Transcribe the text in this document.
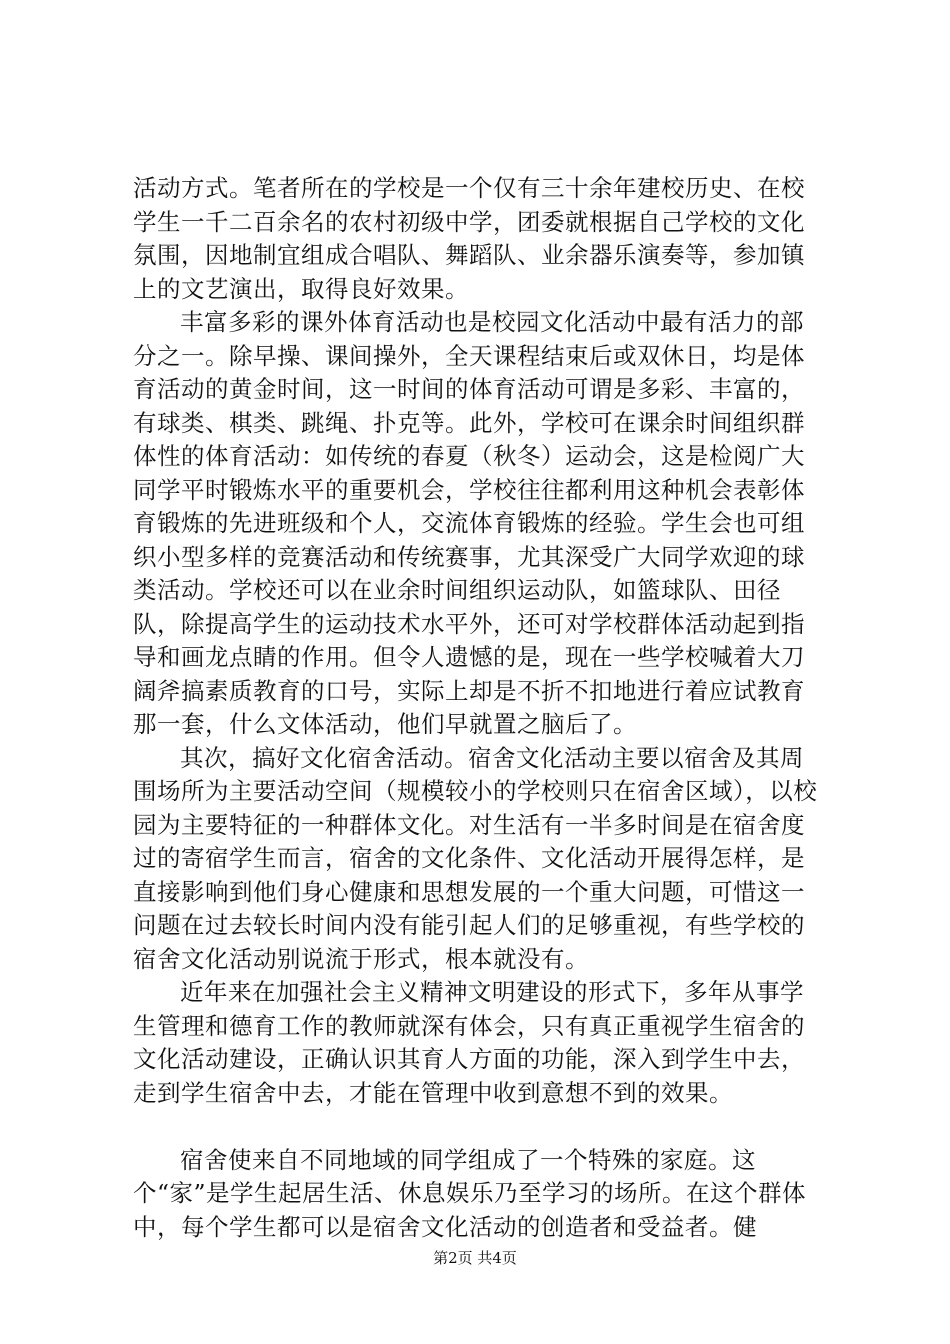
活动方式。笔者所在的学校是一个仅有三十余年建校历史、在校学生一千二百余名的农村初级中学，团委就根据自己学校的文化氛围，因地制宜组成合唱队、舞蹈队、业余器乐演奏等，参加镇上的文艺演出，取得良好效果。

丰富多彩的课外体育活动也是校园文化活动中最有活力的部分之一。除早操、课间操外，全天课程结束后或双休日，均是体育活动的黄金时间，这一时间的体育活动可谓是多彩、丰富的，有球类、棋类、跳绳、扑克等。此外，学校可在课余时间组织群体性的体育活动：如传统的春夏（秋冬）运动会，这是检阅广大同学平时锻炼水平的重要机会，学校往往都利用这种机会表彰体育锻炼的先进班级和个人，交流体育锻炼的经验。学生会也可组织小型多样的竞赛活动和传统赛事，尤其深受广大同学欢迎的球类活动。学校还可以在业余时间组织运动队，如篮球队、田径队，除提高学生的运动技术水平外，还可对学校群体活动起到指导和画龙点睛的作用。但令人遗憾的是，现在一些学校喊着大刀阔斧搞素质教育的口号，实际上却是不折不扣地进行着应试教育那一套，什么文体活动，他们早就置之脑后了。

其次，搞好文化宿舍活动。宿舍文化活动主要以宿舍及其周围场所为主要活动空间（规模较小的学校则只在宿舍区域），以校园为主要特征的一种群体文化。对生活有一半多时间是在宿舍度过的寄宿学生而言，宿舍的文化条件、文化活动开展得怎样，是直接影响到他们身心健康和思想发展的一个重大问题，可惜这一问题在过去较长时间内没有能引起人们的足够重视，有些学校的宿舍文化活动别说流于形式，根本就没有。

近年来在加强社会主义精神文明建设的形式下，多年从事学生管理和德育工作的教师就深有体会，只有真正重视学生宿舍的文化活动建设，正确认识其育人方面的功能，深入到学生中去，走到学生宿舍中去，才能在管理中收到意想不到的效果。

宿舍使来自不同地域的同学组成了一个特殊的家庭。这个“家”是学生起居生活、休息娱乐乃至学习的场所。在这个群体中，每个学生都可以是宿舍文化活动的创造者和受益者。健

第2页 共4页
